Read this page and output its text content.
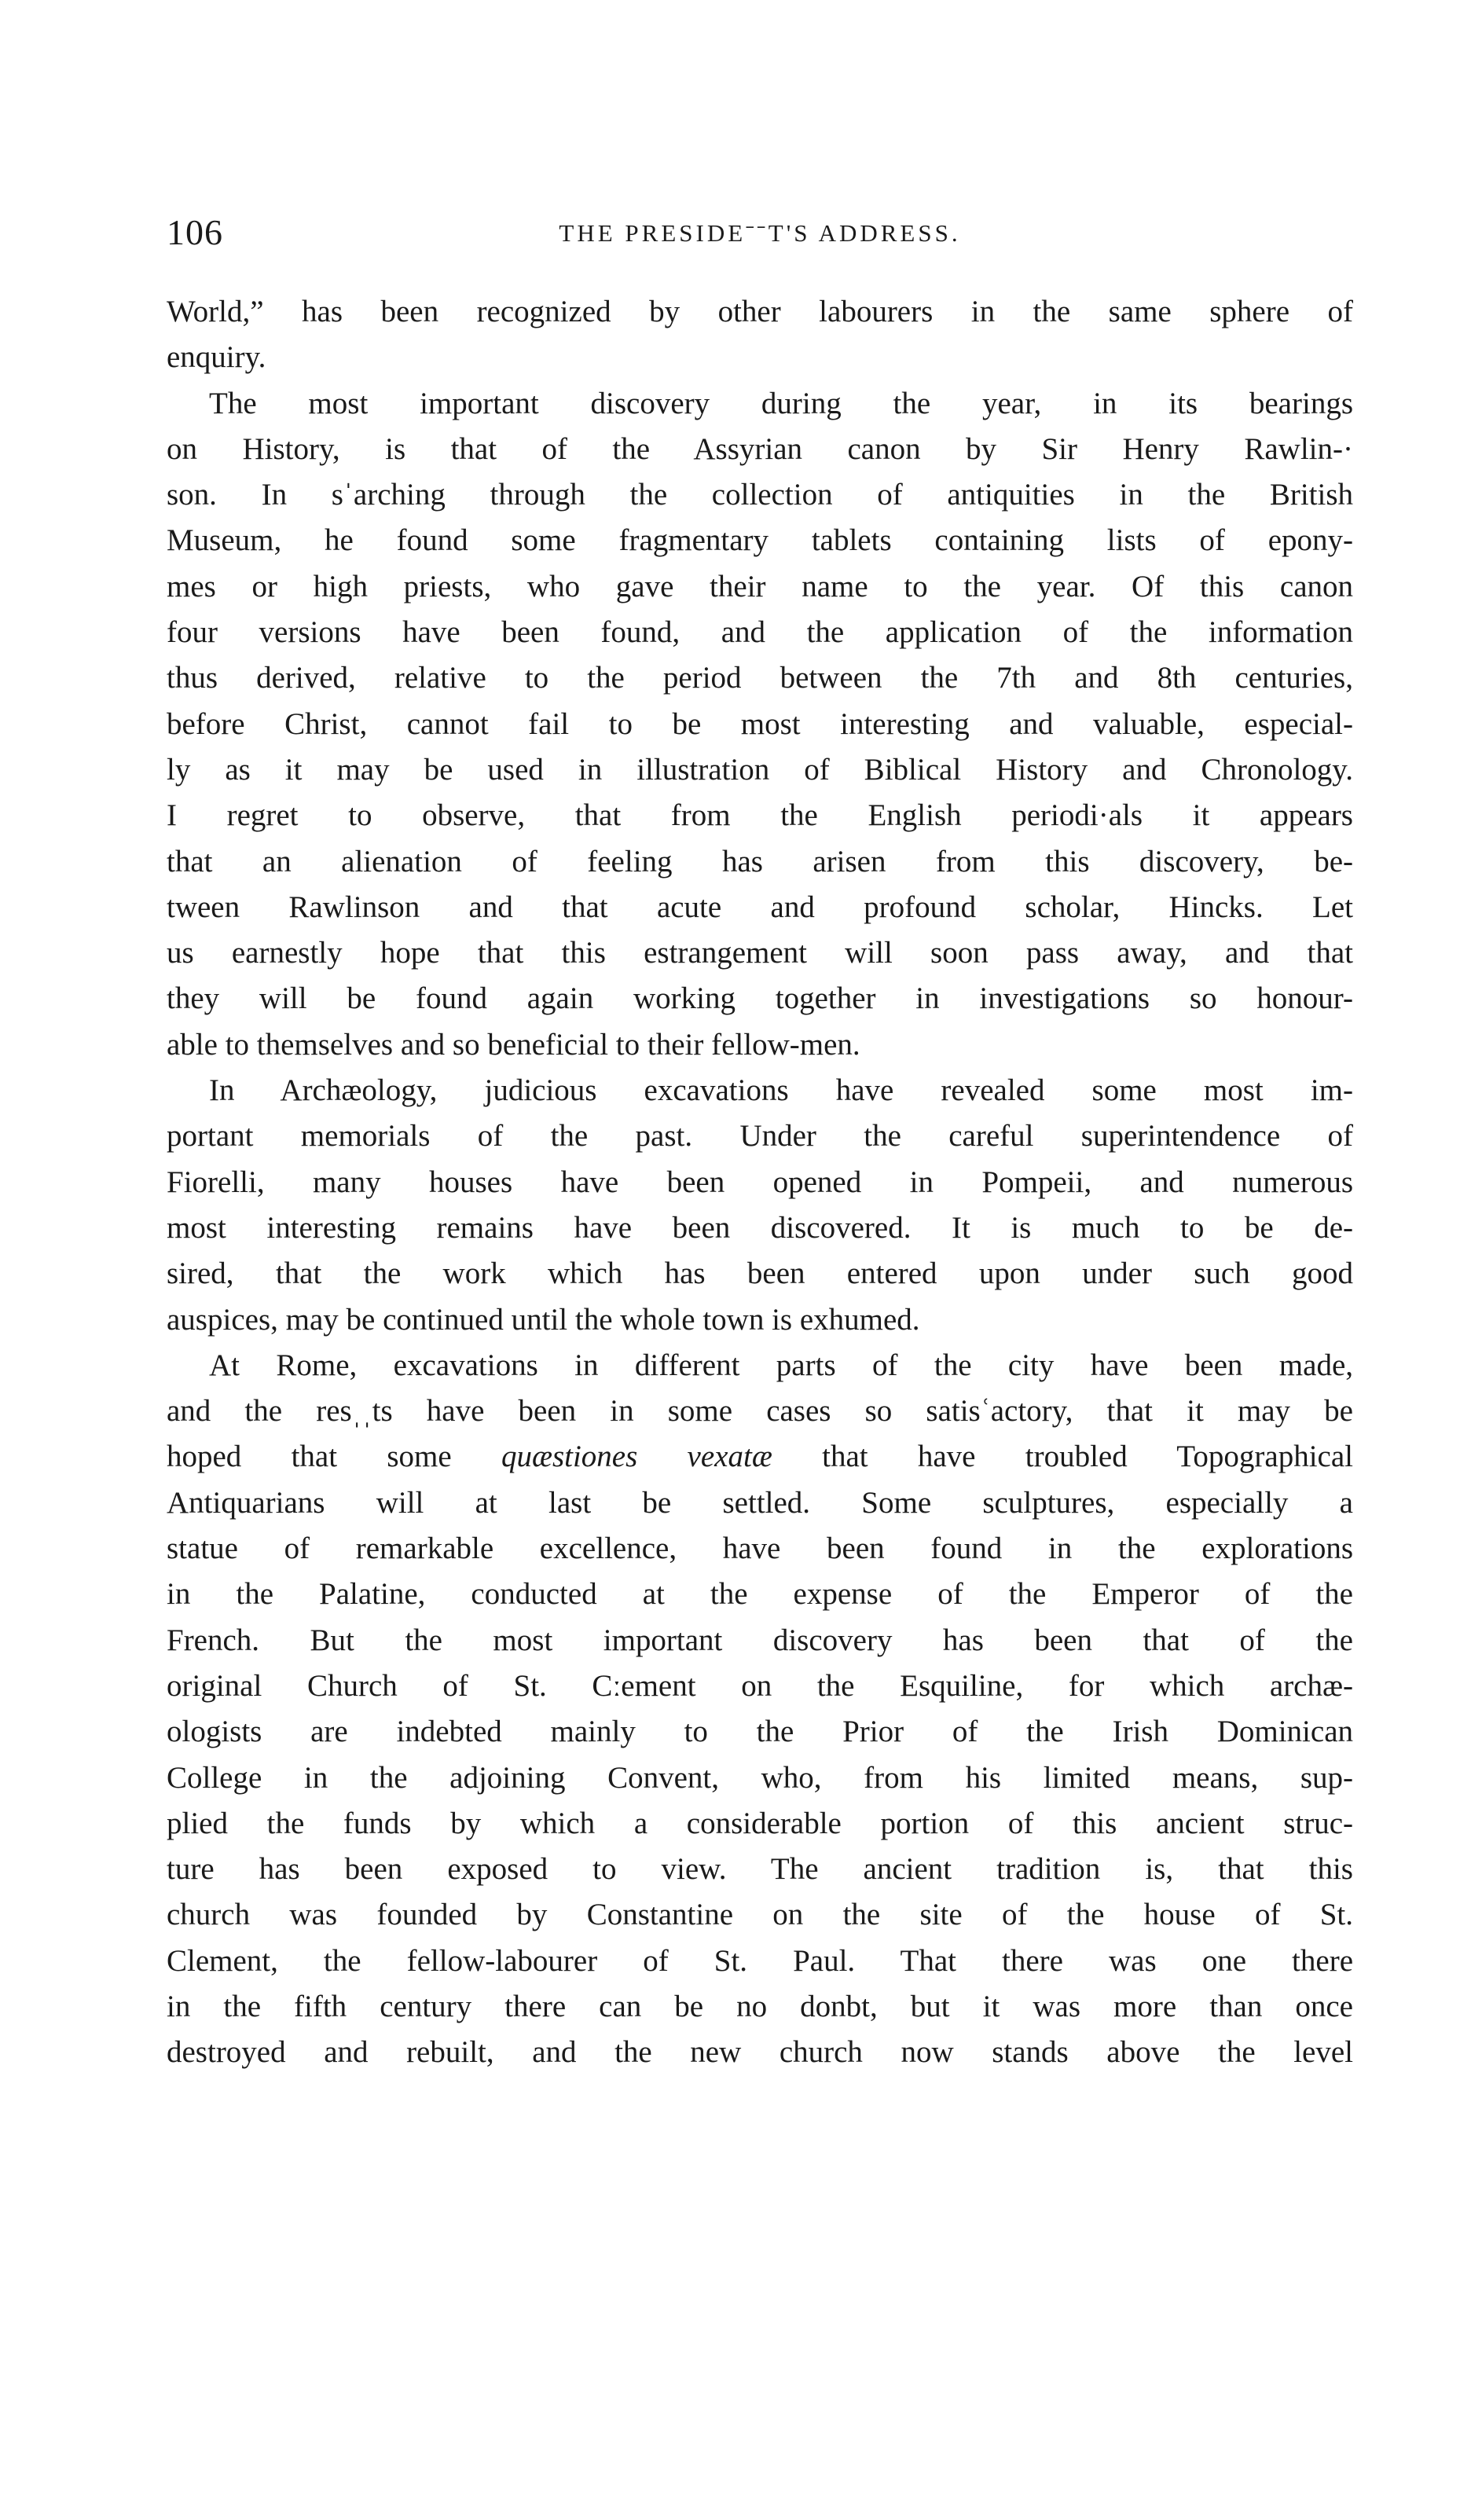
106	THE PRESIDEˉˉT'S ADDRESS.
World,” has been recognized by other labourers in the same sphere of
enquiry.
The most important discovery during the year, in its bearings
on History, is that of the Assyrian canon by Sir Henry Rawlin-·
son. In sˈarching through the collection of antiquities in the British
Museum, he found some fragmentary tablets containing lists of epony-
mes or high priests, who gave their name to the year. Of this canon
four versions have been found, and the application of the information
thus derived, relative to the period between the 7th and 8th centuries,
before Christ, cannot fail to be most interesting and valuable, especial-
ly as it may be used in illustration of Biblical History and Chronology.
I regret to observe, that from the English periodi·als it appears
that an alienation of feeling has arisen from this discovery, be-
tween Rawlinson and that acute and profound scholar, Hincks. Let
us earnestly hope that this estrangement will soon pass away, and that
they will be found again working together in investigations so honour-
able to themselves and so beneficial to their fellow-men.
In Archæology, judicious excavations have revealed some most im-
portant memorials of the past. Under the careful superintendence of
Fiorelli, many houses have been opened in Pompeii, and numerous
most interesting remains have been discovered. It is much to be de-
sired, that the work which has been entered upon under such good
auspices, may be continued until the whole town is exhumed.
At Rome, excavations in different parts of the city have been made,
and the resˌˌts have been in some cases so satisʿactory, that it may be
hoped that some quæstiones vexatæ that have troubled Topographical
Antiquarians will at last be settled. Some sculptures, especially a
statue of remarkable excellence, have been found in the explorations
in the Palatine, conducted at the expense of the Emperor of the
French. But the most important discovery has been that of the
original Church of St. Cːement on the Esquiline, for which archæ-
ologists are indebted mainly to the Prior of the Irish Dominican
College in the adjoining Convent, who, from his limited means, sup-
plied the funds by which a considerable portion of this ancient struc-
ture has been exposed to view. The ancient tradition is, that this
church was founded by Constantine on the site of the house of St.
Clement, the fellow-labourer of St. Paul. That there was one there
in the fifth century there can be no donbt, but it was more than once
destroyed and rebuilt, and the new church now stands above the level
